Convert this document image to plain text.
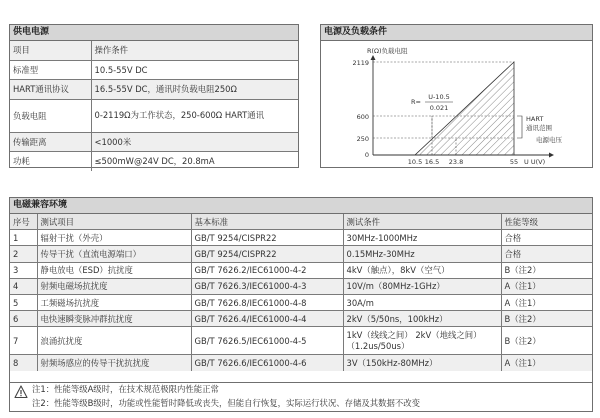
供电电源
项目	操作条件
标准型	10.5-55V DC
HART通讯协议	16.5-55V DC，通讯时负载电阻250Ω
负载电阻	0-2119Ω为工作状态，250-600Ω HART通讯
传输距离	<1000米
功耗	≤500mW@24V DC，20.8mA
电源及负载条件
250
600
2119
0
10.5 16.5 23.8	55
R(Ω)负载电阻
电源电压
U U(V)
R=
U-10.5
0.021
HART
通讯范围
电磁兼容环境
序号	测试项目	基本标准	测试条件	性能等级
1	辐射干扰（外壳）	GB/T 9254/CISPR22	30MHz-1000MHz	合格
2	传导干扰（直流电源端口）	GB/T 9254/CISPR22	0.15MHz-30MHz	合格
3	静电放电（ESD）抗扰度	GB/T 7626.2/IEC61000-4-2	4kV（触点），8kV（空气）	B（注2）
4	射频电磁场抗扰度	GB/T 7626.3/IEC61000-4-3	10V/m（80MHz-1GHz）	A（注1）
5	工频磁场抗扰度	GB/T 7626.8/IEC61000-4-8	30A/m	A（注1）
6	电快速瞬变脉冲群抗扰度	GB/T 7626.4/IEC61000-4-4	2kV（5/50ns，100kHz）	B（注2）
7	浪涌抗扰度	GB/T 7626.5/IEC61000-4-5	1kV（线线之间） 2kV（地线之间）（1.2us/50us）	B（注2）
8	射频场感应的传导干扰抗扰度	GB/T 7626.6/IEC61000-4-6	3V（150kHz-80MHz）	A（注1）
注1：性能等级A级时，在技术规范极限内性能正常
注2：性能等级B级时，功能或性能暂时降低或丧失，但能自行恢复，实际运行状况、存储及其数据不改变
